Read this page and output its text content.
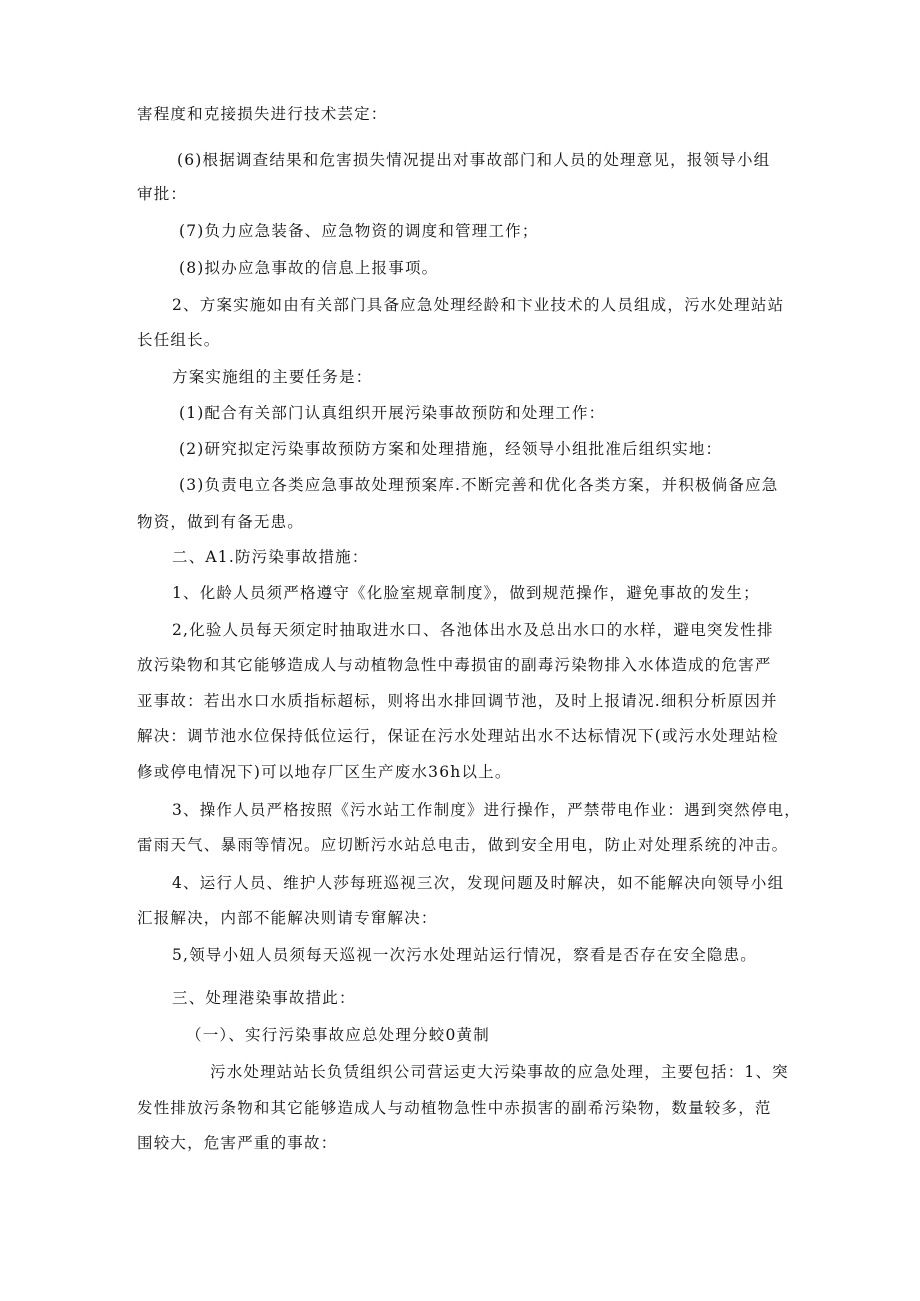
害程度和克接损失进行技术芸定：

(6)根据调查结果和危害损失情况提出对事故部门和人员的处理意见，报领导小组

审批：

(7)负力应急装备、应急物资的调度和管理工作；

(8)拟办应急事故的信息上报事项。

2、方案实施如由有关部门具备应急处理经龄和卞业技术的人员组成，污水处理站站

长任组长。

方案实施组的主要任务是：

(1)配合有关部门认真组织开展污染事故预防和处理工作：

(2)研究拟定污染事故预防方案和处理措施，经领导小组批准后组织实地：

(3)负责电立各类应急事故处理预案库.不断完善和优化各类方案，并积极倘备应急

物资，做到有备无患。

二、A1.防污染事故措施：

1、化龄人员须严格遵守《化脸室规章制度》，做到规范操作，避免事故的发生；

2,化验人员每天须定时抽取进水口、各池体出水及总出水口的水样，避电突发性排

放污染物和其它能够造成人与动植物急性中毒损宙的副毒污染物排入水体造成的危害严

亚事故：若出水口水质指标超标，则将出水排回调节池，及时上报请况.细积分析原因并

解决：调节池水位保持低位运行，保证在污水处理站出水不达标情况下(或污水处理站检

修或停电情况下)可以地存厂区生产废水36h以上。

3、操作人员严格按照《污水站工作制度》进行操作，严禁带电作业：遇到突然停电，

雷雨天气、暴雨等情况。应切断污水站总电击，做到安全用电，防止对处理系统的冲击。

4、运行人员、维护人莎每班巡视三次，发现问题及时解决，如不能解决向领导小组

汇报解决，内部不能解决则请专窜解决：

5,领导小妞人员须每天巡视一次污水处理站运行情况，察看是否存在安全隐患。

三、处理港染事故措此：

（一）、实行污染事故应总处理分蛟0黄制

污水处理站站长负赁组织公司营运吏大污染事故的应急处理，主要包括：1、突

发性排放污条物和其它能够造成人与动植物急性中赤损害的副希污染物，数量较多，范

围较大，危害严重的事故：
